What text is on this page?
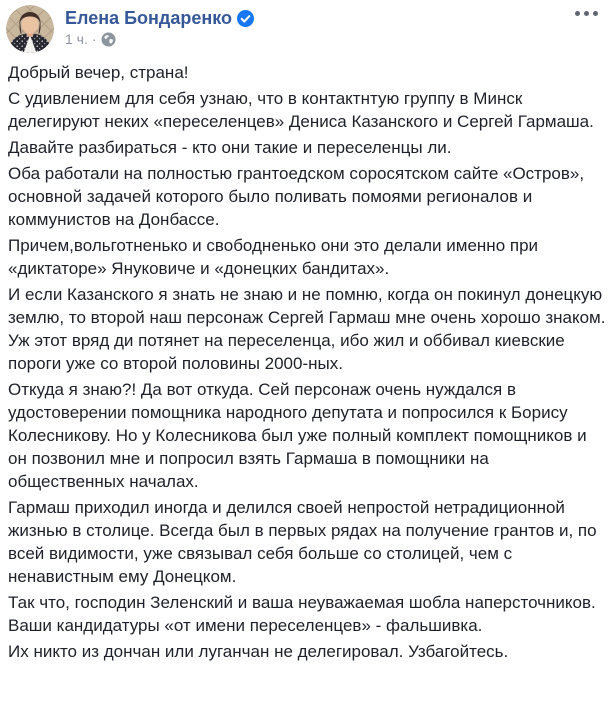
Елена Бондаренко
1 ч. ·

Добрый вечер, страна!

С удивлением для себя узнаю, что в контактнтую группу в Минск делегируют неких «переселенцев» Дениса Казанского и Сергей Гармаша.

Давайте разбираться - кто они такие и переселенцы ли.

Оба работали на полностью грантоедском соросятском сайте «Остров», основной задачей которого было поливать помоями регионалов и коммунистов на Донбассе.

Причем,вольготненько и свободненько они это делали именно при «диктаторе» Януковиче и «донецких бандитах».

И если Казанского я знать не знаю и не помню, когда он покинул донецкую землю, то второй наш персонаж Сергей Гармаш мне очень хорошо знаком. Уж этот вряд ди потянет на переселенца, ибо жил и оббивал киевские пороги уже со второй половины 2000-ных.

Откуда я знаю?! Да вот откуда. Сей персонаж очень нуждался в удостоверении помощника народного депутата и попросился к Борису Колесникову. Но у Колесникова был уже полный комплект помощников и он позвонил мне и попросил взять Гармаша в помощники на общественных началах.

Гармаш приходил иногда и делился своей непростой нетрадиционной жизнью в столице. Всегда был в первых рядах на получение грантов и, по всей видимости, уже связывал себя больше со столицей, чем с ненавистным ему Донецком.

Так что, господин Зеленский и ваша неуважаемая шобла наперсточников. Ваши кандидатуры «от имени переселенцев» - фальшивка.

Их никто из дончан или луганчан не делегировал. Узбагойтесь.
